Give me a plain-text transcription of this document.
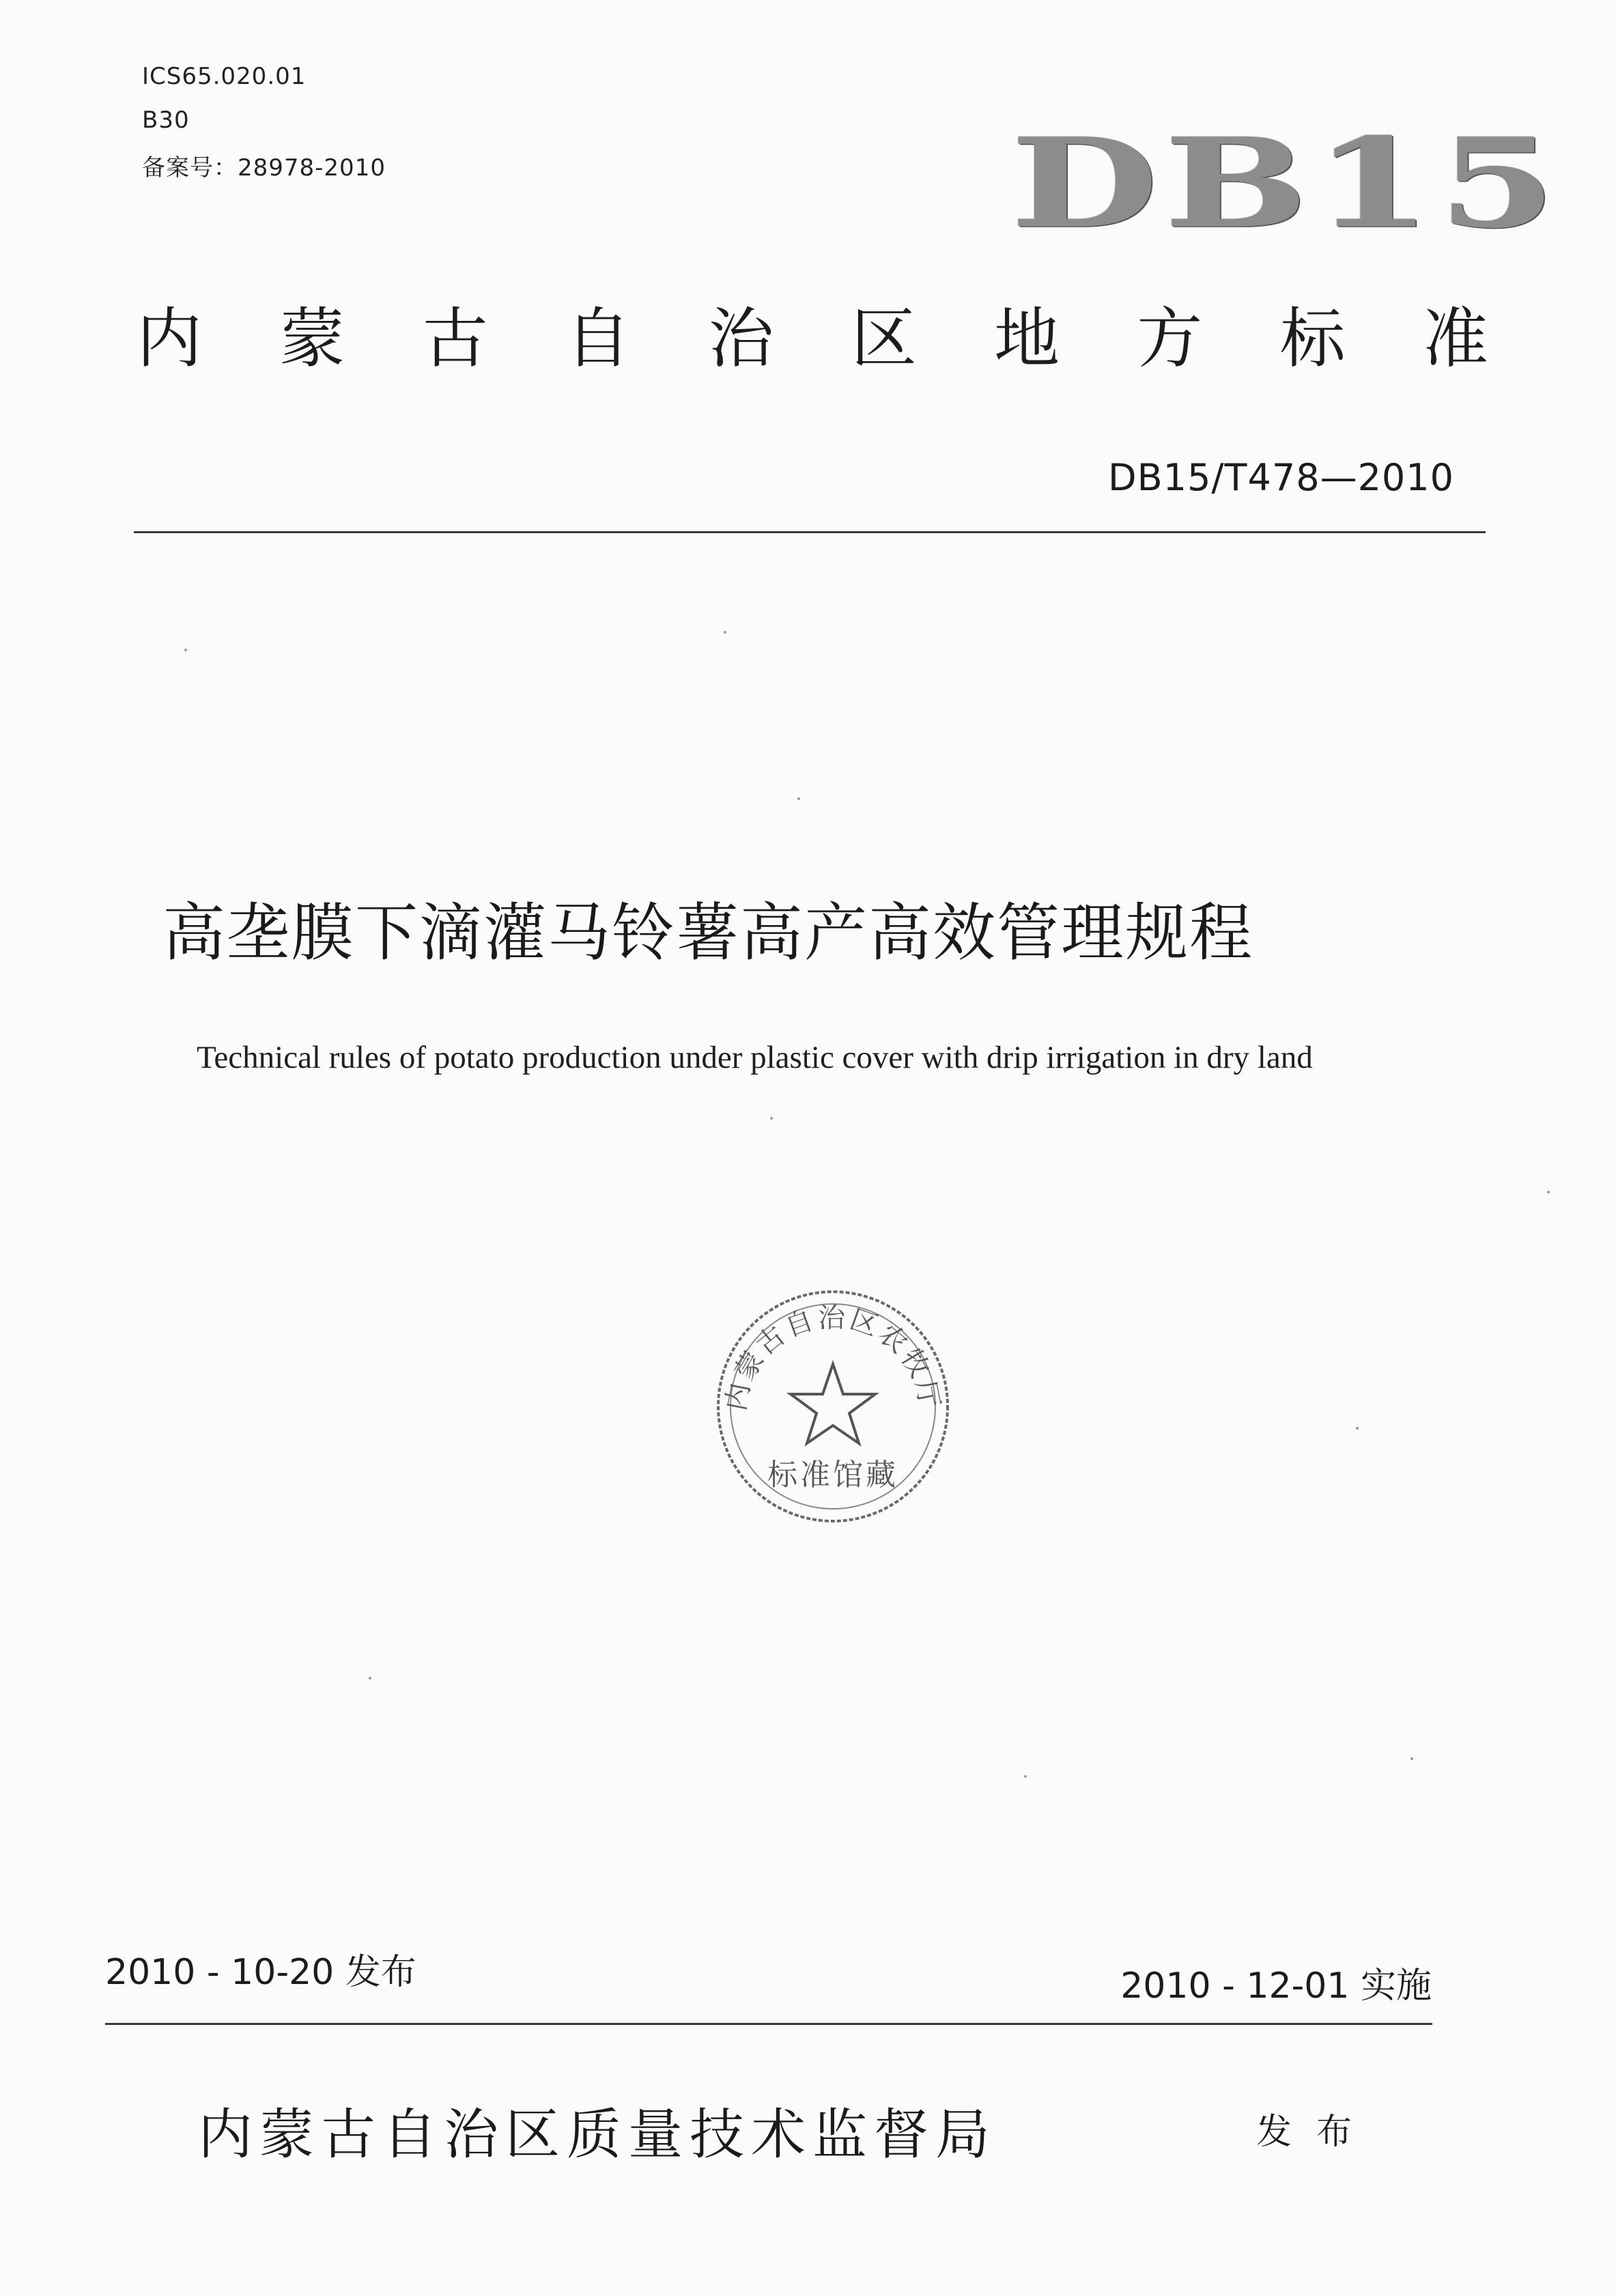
ICS65.020.01
B30
备案号：28978-2010	DB15
内 蒙 古 自 治 区 地 方 标 准
DB15/T478—2010
高垄膜下滴灌马铃薯高产高效管理规程
Technical rules of potato production under plastic cover with drip irrigation in dry land
内蒙古自治区农牧厅
标准馆藏
2010 - 10-20 发布	2010 - 12-01 实施
内蒙古自治区质量技术监督局	发布
